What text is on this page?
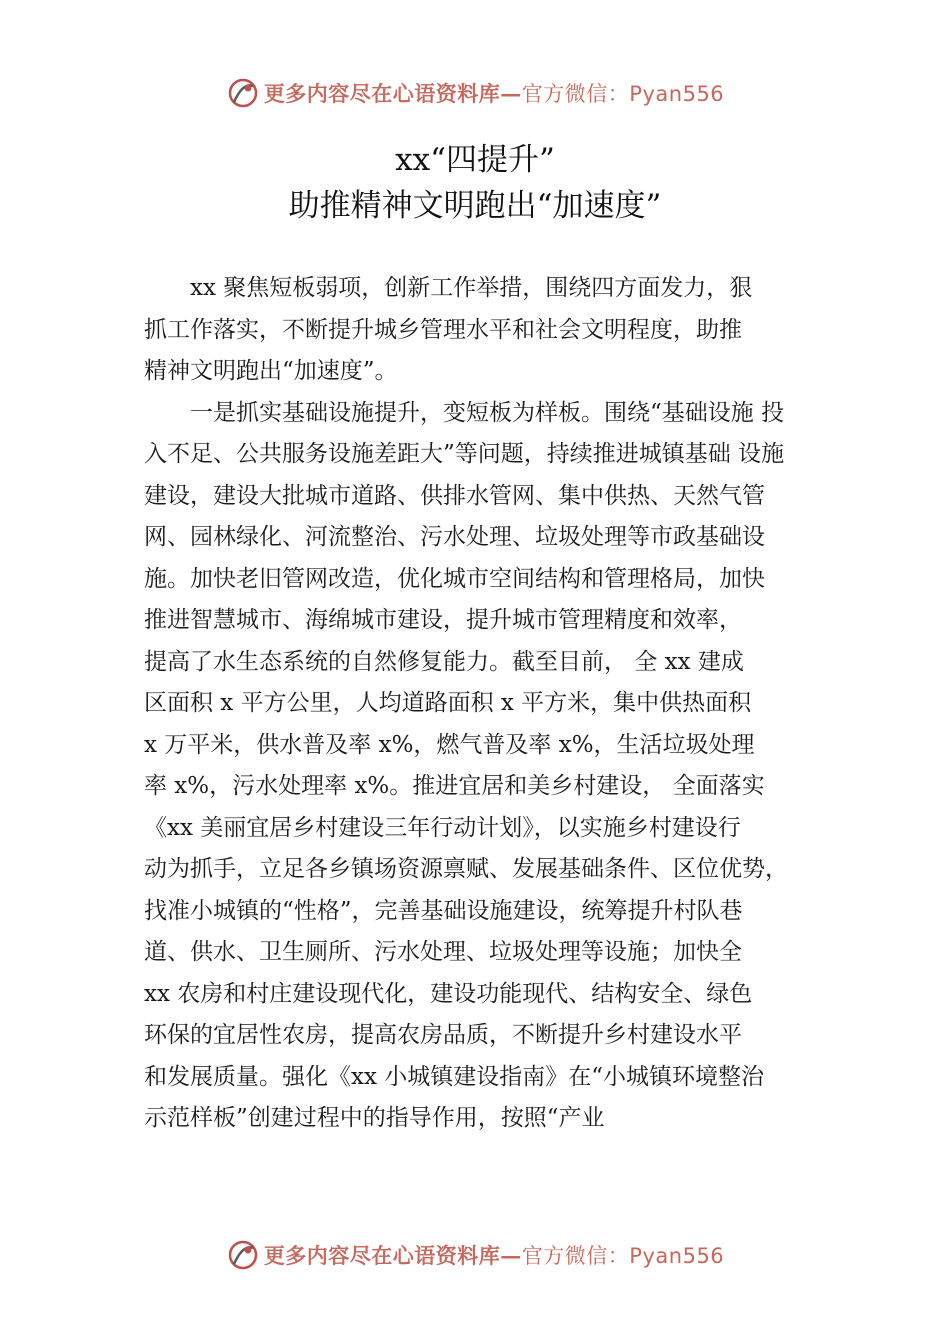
更多内容尽在心语资料库—官方微信：Pyan556
xx“四提升”
助推精神文明跑出“加速度”
　　xx 聚焦短板弱项，创新工作举措，围绕四方面发力，狠
抓工作落实，不断提升城乡管理水平和社会文明程度，助推
精神文明跑出“加速度”。
　　一是抓实基础设施提升，变短板为样板。围绕“基础设施 投
入不足、公共服务设施差距大”等问题，持续推进城镇基础 设施
建设，建设大批城市道路、供排水管网、集中供热、天然气管
网、园林绿化、河流整治、污水处理、垃圾处理等市政基础设
施。加快老旧管网改造，优化城市空间结构和管理格局，加快
推进智慧城市、海绵城市建设，提升城市管理精度和效率，
提高了水生态系统的自然修复能力。截至目前， 全 xx 建成
区面积 x 平方公里，人均道路面积 x 平方米，集中供热面积
x 万平米，供水普及率 x%，燃气普及率 x%，生活垃圾处理
率 x%，污水处理率 x%。推进宜居和美乡村建设， 全面落实
《xx 美丽宜居乡村建设三年行动计划》，以实施乡村建设行
动为抓手，立足各乡镇场资源禀赋、发展基础条件、区位优势，
找准小城镇的“性格”，完善基础设施建设，统筹提升村队巷
道、供水、卫生厕所、污水处理、垃圾处理等设施；加快全
xx 农房和村庄建设现代化，建设功能现代、结构安全、绿色
环保的宜居性农房，提高农房品质，不断提升乡村建设水平
和发展质量。强化《xx 小城镇建设指南》在“小城镇环境整治
示范样板”创建过程中的指导作用，按照“产业
更多内容尽在心语资料库—官方微信：Pyan556
